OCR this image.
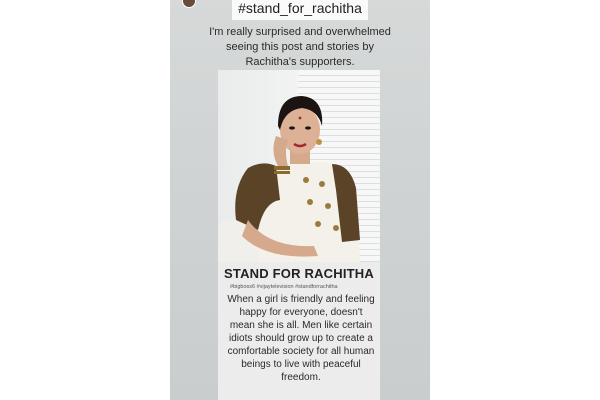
#stand_for_rachitha
I'm really surprised and overwhelmed seeing this post and stories by Rachitha's supporters.
STAND FOR RACHITHA
#bigboss6 #vijaytelevision #standforrachitha
When a girl is friendly and feeling happy for everyone, doesn't mean she is all. Men like certain idiots should grow up to create a comfortable society for all human beings to live with peaceful freedom.
